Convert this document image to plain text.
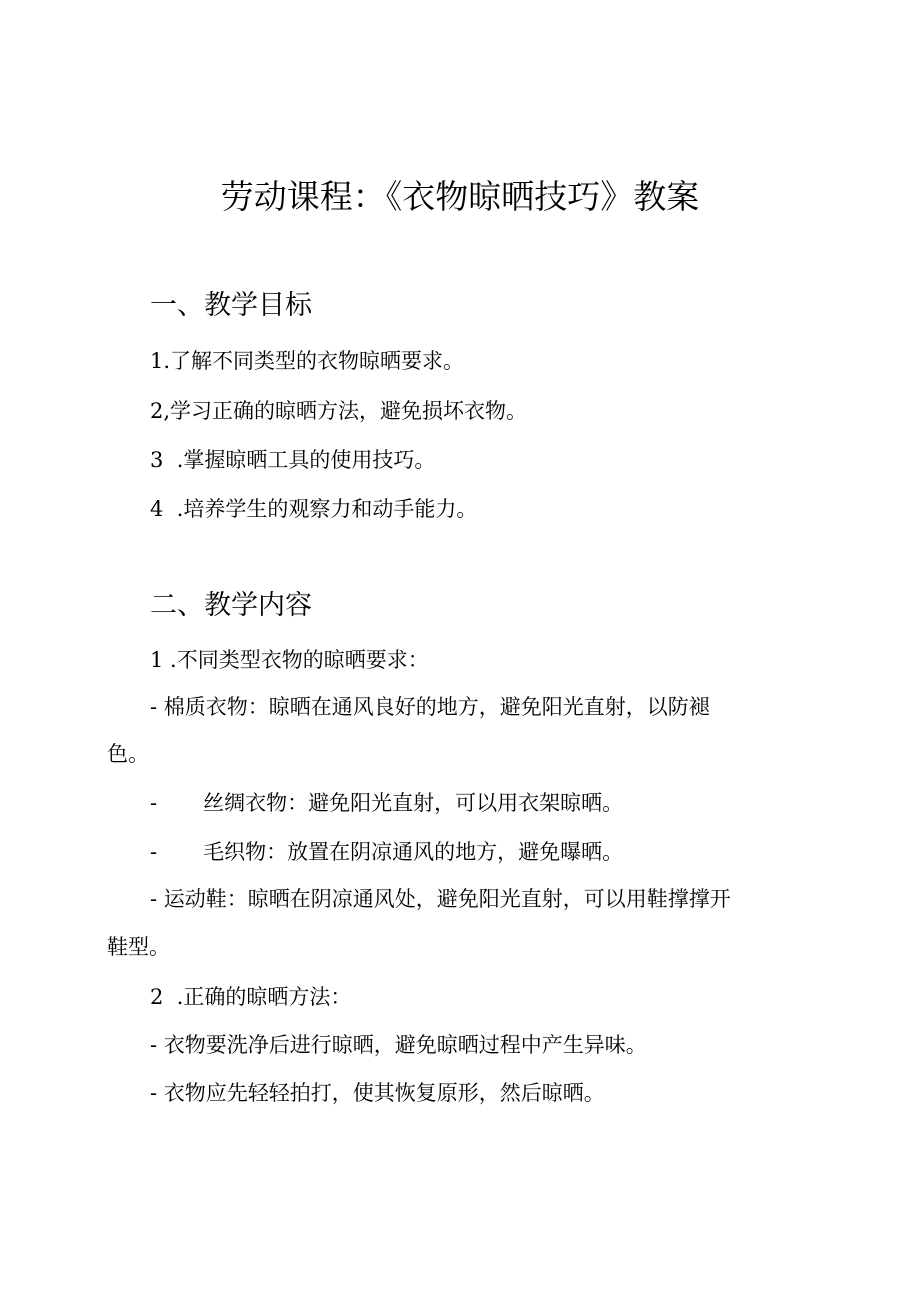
劳动课程：《衣物晾晒技巧》教案
一、教学目标

1.了解不同类型的衣物晾晒要求。

2,学习正确的晾晒方法，避免损坏衣物。

3  .掌握晾晒工具的使用技巧。

4  .培养学生的观察力和动手能力。

二、教学内容

1 .不同类型衣物的晾晒要求：

- 棉质衣物：晾晒在通风良好的地方，避免阳光直射，以防褪

色。

- 丝绸衣物：避免阳光直射，可以用衣架晾晒。

- 毛织物：放置在阴凉通风的地方，避免曝晒。

- 运动鞋：晾晒在阴凉通风处，避免阳光直射，可以用鞋撑撑开

鞋型。

2  .正确的晾晒方法：

- 衣物要洗净后进行晾晒，避免晾晒过程中产生异味。

- 衣物应先轻轻拍打，使其恢复原形，然后晾晒。
